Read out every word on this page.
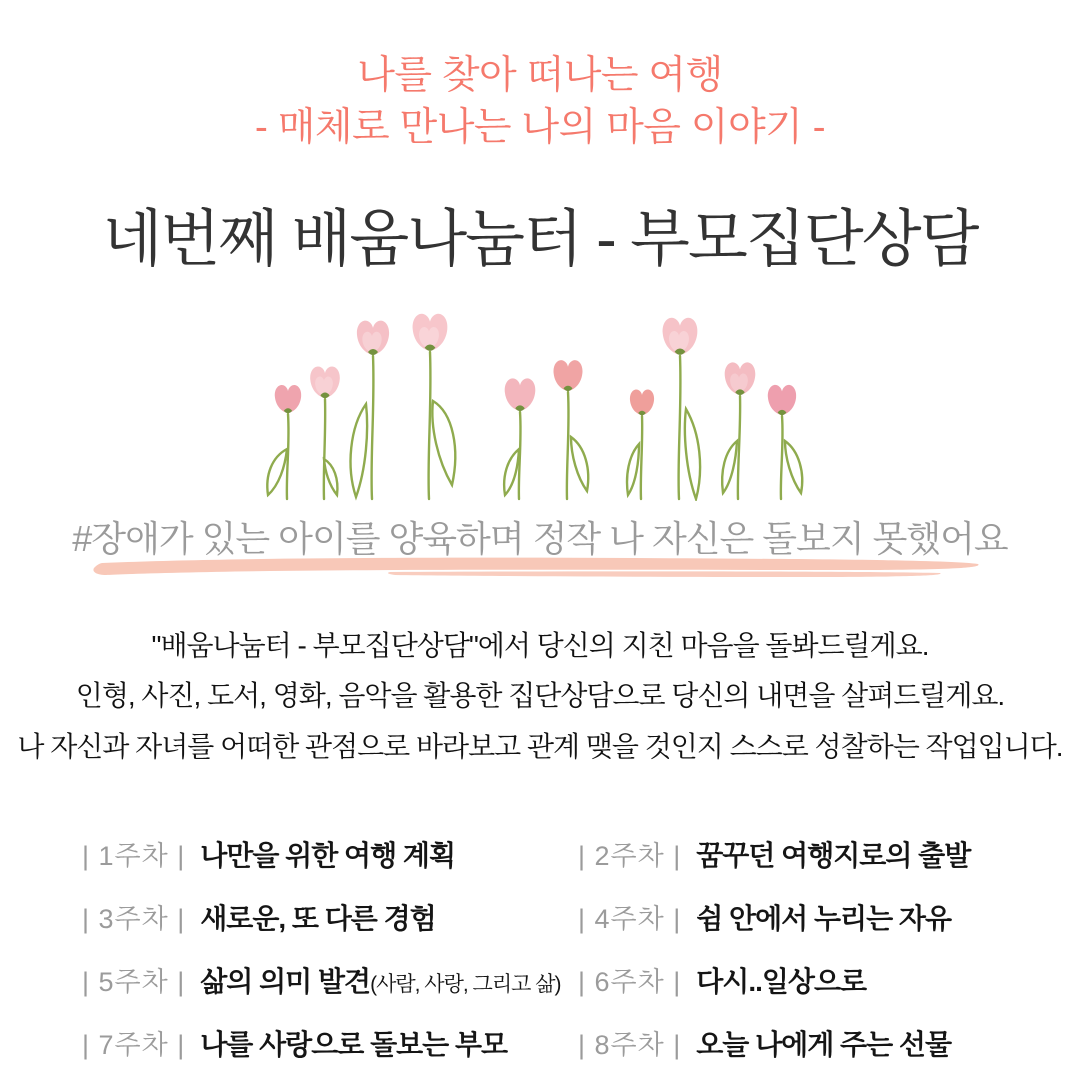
나를 찾아 떠나는 여행
- 매체로 만나는 나의 마음 이야기 -
네번째 배움나눔터 - 부모집단상담
#장애가 있는 아이를 양육하며 정작 나 자신은 돌보지 못했어요
"배움나눔터 - 부모집단상담"에서 당신의 지친 마음을 돌봐드릴게요.
인형, 사진, 도서, 영화, 음악을 활용한 집단상담으로 당신의 내면을 살펴드릴게요.
나 자신과 자녀를 어떠한 관점으로 바라보고 관계 맺을 것인지 스스로 성찰하는 작업입니다.
| 1주차 | 나만을 위한 여행 계획	| 2주차 | 꿈꾸던 여행지로의 출발
| 3주차 | 새로운, 또 다른 경험	| 4주차 | 쉼 안에서 누리는 자유
| 5주차 | 삶의 의미 발견 (사람, 사랑, 그리고 삶) | 6주차 | 다시..일상으로
| 7주차 | 나를 사랑으로 돌보는 부모	| 8주차 | 오늘 나에게 주는 선물
